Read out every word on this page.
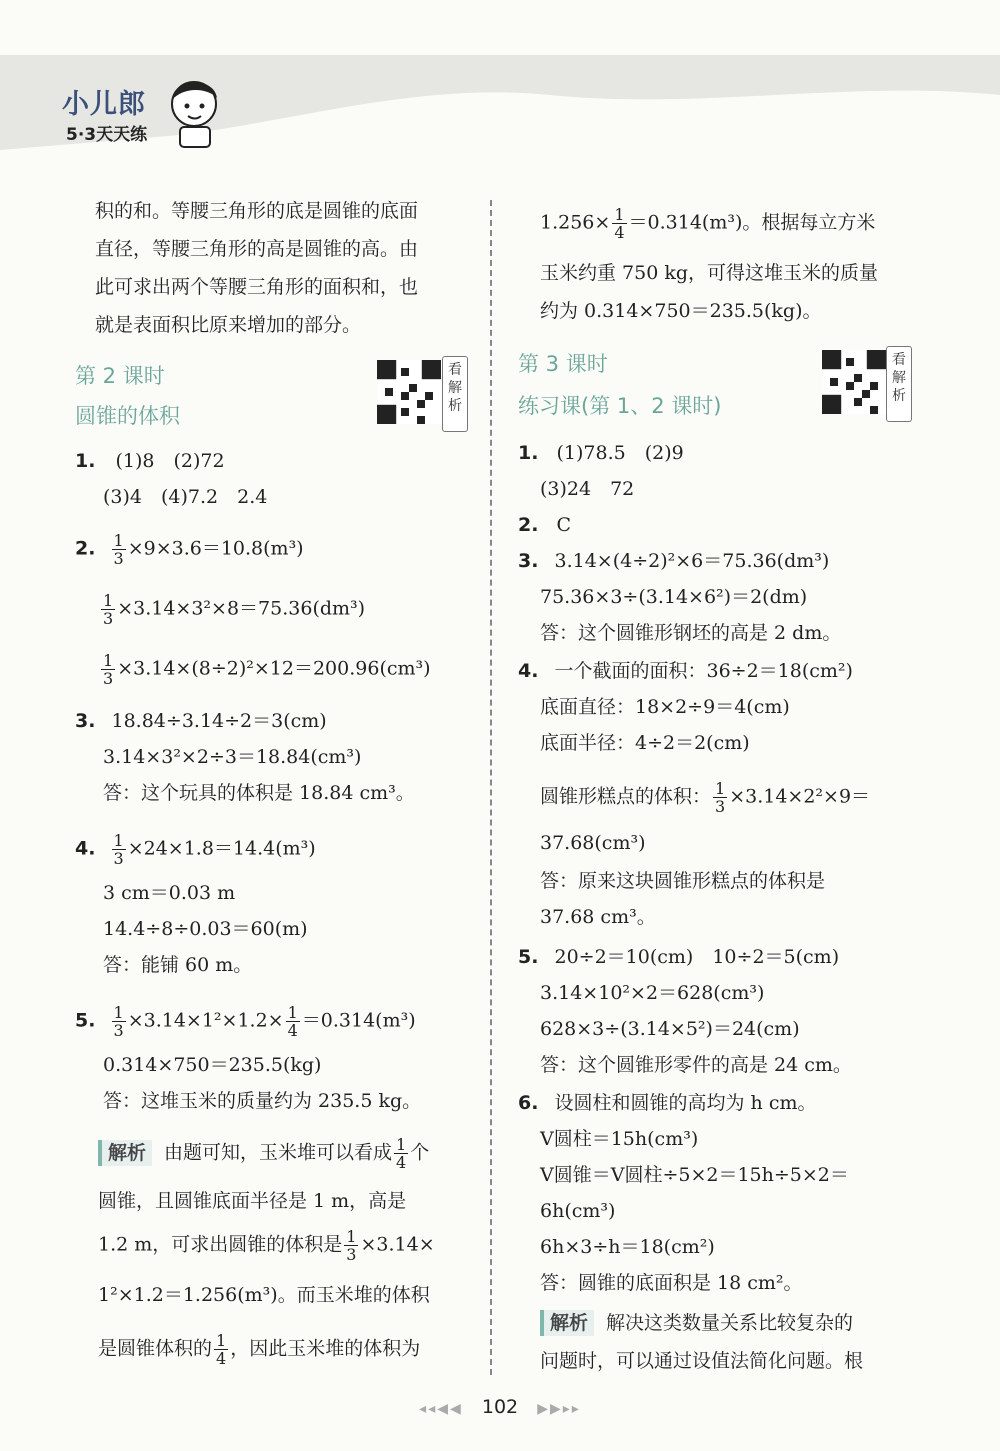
小儿郎
5·3天天练
积的和。等腰三角形的底是圆锥的底面
直径，等腰三角形的高是圆锥的高。由
此可求出两个等腰三角形的面积和，也
就是表面积比原来增加的部分。
第 2 课时
圆锥的体积
看解析
1. (1)8　(2)72
(3)4　(4)7.2　2.4
2. $\frac{1}{3} \times 9\times 3.6=10.8(m^3)$
$\frac{1}{3} \times 3.14\times 3^2\times 8=75.36(dm^3)$
$\frac{1}{3} \times 3.14\times(8\div 2)^2\times 12=200.96(cm^3)$
3. 18.84÷3.14÷2＝3(cm)
3.14×3²×2÷3＝18.84(cm³)
答：这个玩具的体积是 18.84 cm³。
4. $\frac{1}{3} \times 24\times 1.8=14.4(m^3)$
3 cm＝0.03 m
14.4÷8÷0.03＝60(m)
答：能铺 60 m。
5. $\frac{1}{3} \times 3.14\times 1^2\times 1.2\times \frac{1}{4} =0.314(m^3)$
0.314×750＝235.5(kg)
答：这堆玉米的质量约为 235.5 kg。
解析 由题可知，玉米堆可以看成 $\frac{1}{4}$ 个
圆锥，且圆锥底面半径是 1 m，高是
1.2 m，可求出圆锥的体积是 $\frac{1}{3} \times 3.14\times$
1²×1.2＝1.256(m³)。而玉米堆的体积
是圆锥体积的 $\frac{1}{4}$ ，因此玉米堆的体积为
$1.256\times \frac{1}{4} =0.314(m^3)$。根据每立方米
玉米约重 750 kg，可得这堆玉米的质量
约为 0.314×750＝235.5(kg)。
第 3 课时
练习课(第 1、2 课时)
看解析
1. (1)78.5　(2)9
(3)24　72
2. C
3. 3.14×(4÷2)²×6＝75.36(dm³)
75.36×3÷(3.14×6²)＝2(dm)
答：这个圆锥形钢坯的高是 2 dm。
4. 一个截面的面积：36÷2＝18(cm²)
底面直径：18×2÷9＝4(cm)
底面半径：4÷2＝2(cm)
圆锥形糕点的体积： $\frac{1}{3} \times 3.14\times 2^2\times 9=$
37.68(cm³)
答：原来这块圆锥形糕点的体积是
37.68 cm³。
5. 20÷2＝10(cm)　10÷2＝5(cm)
3.14×10²×2＝628(cm³)
628×3÷(3.14×5²)＝24(cm)
答：这个圆锥形零件的高是 24 cm。
6. 设圆柱和圆锥的高均为 h cm。
V圆柱＝15h(cm³)
V圆锥＝V圆柱÷5×2＝15h÷5×2＝
6h(cm³)
6h×3÷h＝18(cm²)
答：圆锥的底面积是 18 cm²。
解析 解决这类数量关系比较复杂的
问题时，可以通过设值法简化问题。根
◂◂◀◀ 102 ▶▶▸▸
